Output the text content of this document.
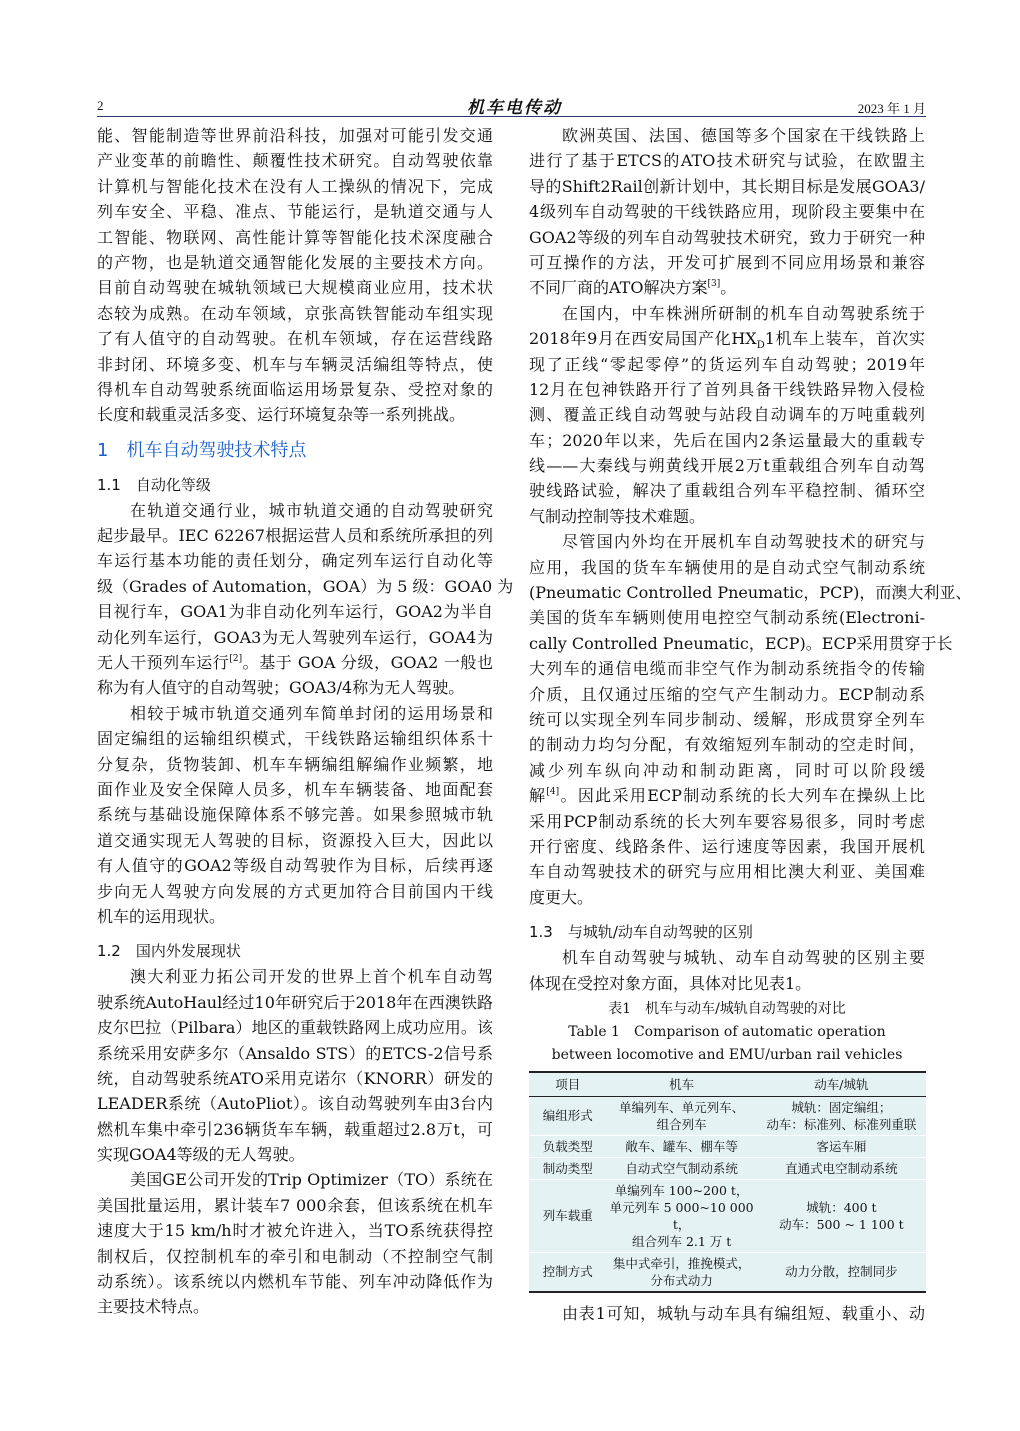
2	机车电传动	2023 年 1 月
能、智能制造等世界前沿科技，加强对可能引发交通
产业变革的前瞻性、颠覆性技术研究。自动驾驶依靠
计算机与智能化技术在没有人工操纵的情况下，完成
列车安全、平稳、准点、节能运行，是轨道交通与人
工智能、物联网、高性能计算等智能化技术深度融合
的产物，也是轨道交通智能化发展的主要技术方向。
目前自动驾驶在城轨领域已大规模商业应用，技术状
态较为成熟。在动车领域，京张高铁智能动车组实现
了有人值守的自动驾驶。在机车领域，存在运营线路
非封闭、环境多变、机车与车辆灵活编组等特点，使
得机车自动驾驶系统面临运用场景复杂、受控对象的
长度和载重灵活多变、运行环境复杂等一系列挑战。
1　机车自动驾驶技术特点
1.1　自动化等级
在轨道交通行业，城市轨道交通的自动驾驶研究
起步最早。IEC 62267根据运营人员和系统所承担的列
车运行基本功能的责任划分，确定列车运行自动化等
级（Grades of Automation，GOA）为 5 级：GOA0 为
目视行车，GOA1为非自动化列车运行，GOA2为半自
动化列车运行，GOA3为无人驾驶列车运行，GOA4为
无人干预列车运行[2]。基于 GOA 分级，GOA2 一般也
称为有人值守的自动驾驶；GOA3/4称为无人驾驶。
相较于城市轨道交通列车简单封闭的运用场景和
固定编组的运输组织模式，干线铁路运输组织体系十
分复杂，货物装卸、机车车辆编组解编作业频繁，地
面作业及安全保障人员多，机车车辆装备、地面配套
系统与基础设施保障体系不够完善。如果参照城市轨
道交通实现无人驾驶的目标，资源投入巨大，因此以
有人值守的GOA2等级自动驾驶作为目标，后续再逐
步向无人驾驶方向发展的方式更加符合目前国内干线
机车的运用现状。
1.2　国内外发展现状
澳大利亚力拓公司开发的世界上首个机车自动驾
驶系统AutoHaul经过10年研究后于2018年在西澳铁路
皮尔巴拉（Pilbara）地区的重载铁路网上成功应用。该
系统采用安萨多尔（Ansaldo STS）的ETCS-2信号系
统，自动驾驶系统ATO采用克诺尔（KNORR）研发的
LEADER系统（AutoPliot）。该自动驾驶列车由3台内
燃机车集中牵引236辆货车车辆，载重超过2.8万t，可
实现GOA4等级的无人驾驶。
美国GE公司开发的Trip Optimizer（TO）系统在
美国批量运用，累计装车7 000余套，但该系统在机车
速度大于15 km/h时才被允许进入，当TO系统获得控
制权后，仅控制机车的牵引和电制动（不控制空气制
动系统）。该系统以内燃机车节能、列车冲动降低作为
主要技术特点。
欧洲英国、法国、德国等多个国家在干线铁路上
进行了基于ETCS的ATO技术研究与试验，在欧盟主
导的Shift2Rail创新计划中，其长期目标是发展GOA3/
4级列车自动驾驶的干线铁路应用，现阶段主要集中在
GOA2等级的列车自动驾驶技术研究，致力于研究一种
可互操作的方法，开发可扩展到不同应用场景和兼容
不同厂商的ATO解决方案[3]。
在国内，中车株洲所研制的机车自动驾驶系统于
2018年9月在西安局国产化$HX_D1$机车上装车，首次实
现了正线“零起零停”的货运列车自动驾驶；2019年
12月在包神铁路开行了首列具备干线铁路异物入侵检
测、覆盖正线自动驾驶与站段自动调车的万吨重载列
车；2020年以来，先后在国内2条运量最大的重载专
线——大秦线与朔黄线开展2万t重载组合列车自动驾
驶线路试验，解决了重载组合列车平稳控制、循环空
气制动控制等技术难题。
尽管国内外均在开展机车自动驾驶技术的研究与
应用，我国的货车车辆使用的是自动式空气制动系统
(Pneumatic Controlled Pneumatic，PCP)，而澳大利亚、
美国的货车车辆则使用电控空气制动系统(Electroni-
cally Controlled Pneumatic，ECP)。ECP采用贯穿于长
大列车的通信电缆而非空气作为制动系统指令的传输
介质，且仅通过压缩的空气产生制动力。ECP制动系
统可以实现全列车同步制动、缓解，形成贯穿全列车
的制动力均匀分配，有效缩短列车制动的空走时间，
减少列车纵向冲动和制动距离，同时可以阶段缓
解[4]。因此采用ECP制动系统的长大列车在操纵上比
采用PCP制动系统的长大列车要容易很多，同时考虑
开行密度、线路条件、运行速度等因素，我国开展机
车自动驾驶技术的研究与应用相比澳大利亚、美国难
度更大。
1.3　与城轨/动车自动驾驶的区别
机车自动驾驶与城轨、动车自动驾驶的区别主要
体现在受控对象方面，具体对比见表1。
表1　机车与动车/城轨自动驾驶的对比
Table 1　Comparison of automatic operation
between locomotive and EMU/urban rail vehicles
项目	机车	动车/城轨
编组形式	单编列车、单元列车、
组合列车	城轨：固定编组；
动车：标准列、标准列重联
负载类型	敞车、罐车、棚车等	客运车厢
制动类型	自动式空气制动系统	直通式电空制动系统
列车载重	单编列车 100~200 t，
单元列车 5 000~10 000 t，
组合列车 2.1 万 t	城轨：400 t
动车：500 ~ 1 100 t
控制方式	集中式牵引，推挽模式，
分布式动力	动力分散，控制同步
由表1可知，城轨与动车具有编组短、载重小、动
